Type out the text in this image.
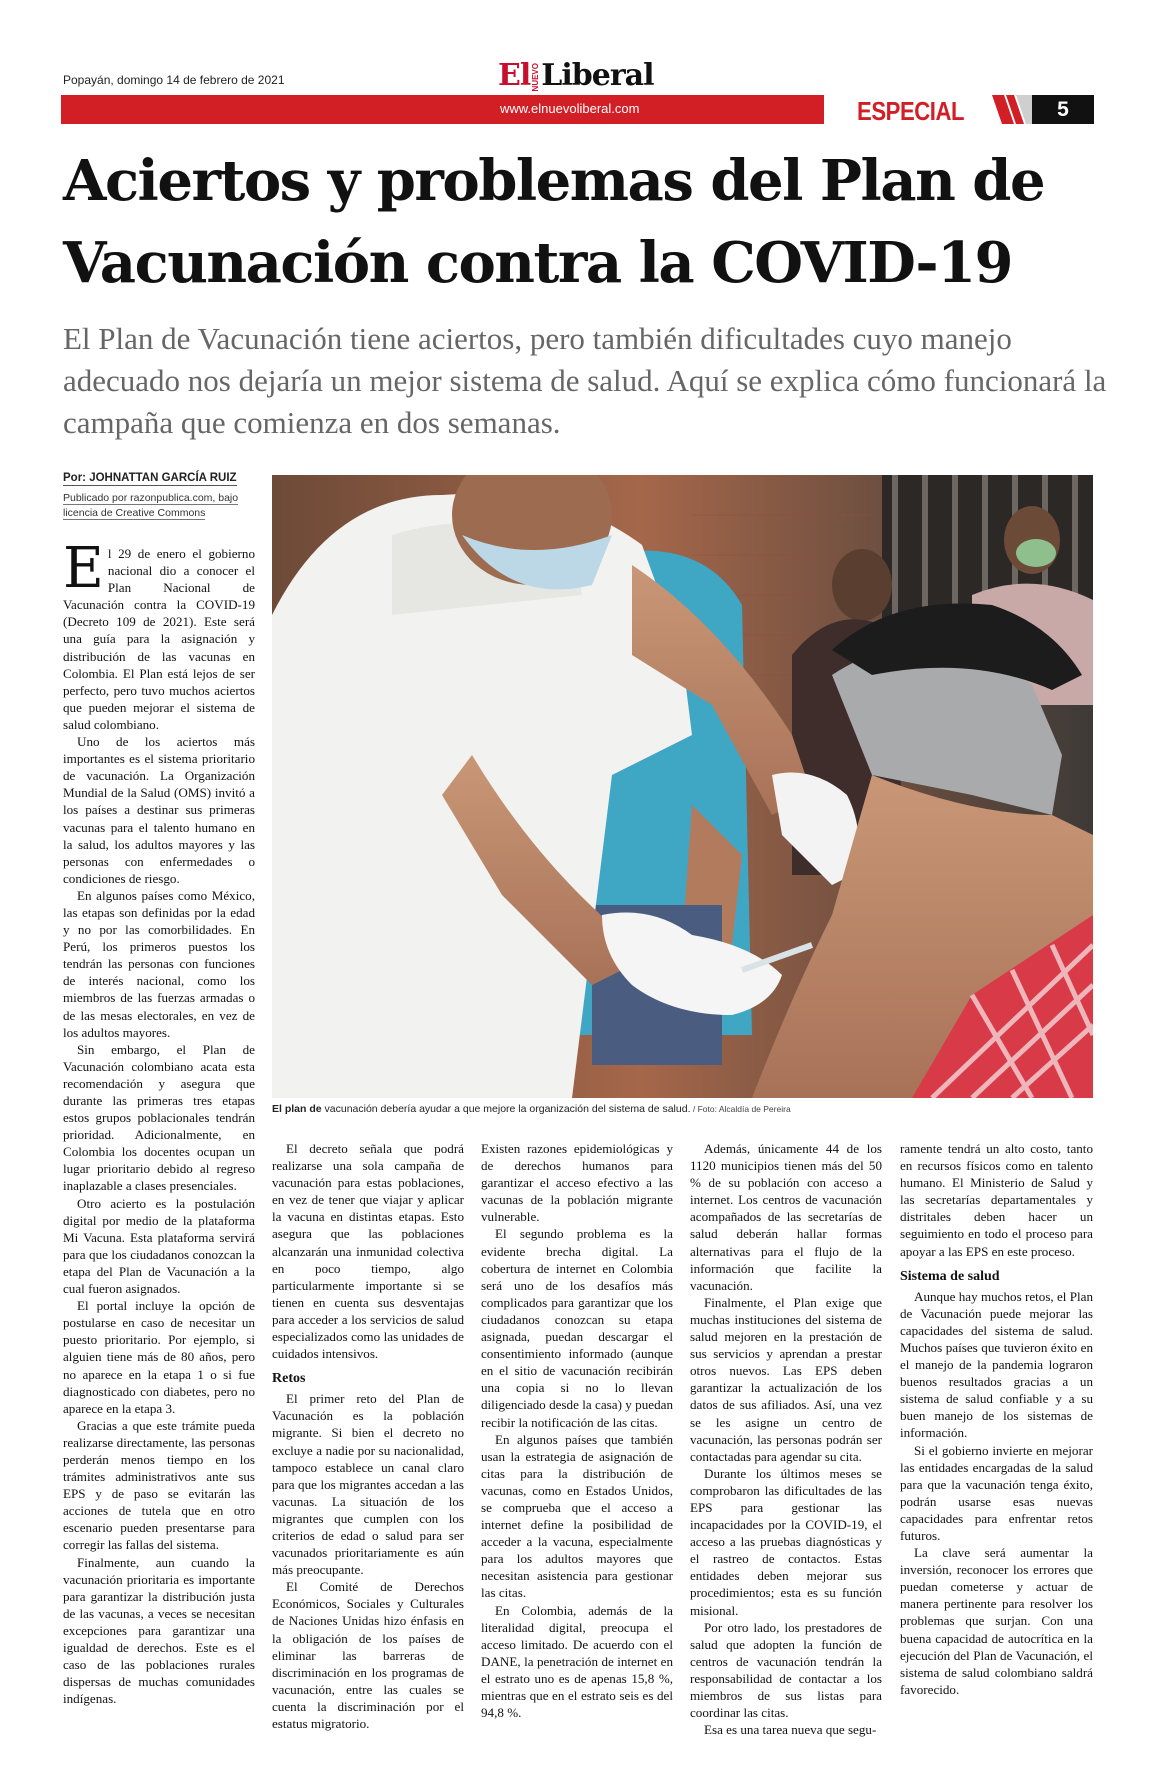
Popayán, domingo 14 de febrero de 2021	ElNUEVOLiberal
www.elnuevoliberal.com	ESPECIAL	5
Aciertos y problemas del Plan de Vacunación contra la COVID-19
El Plan de Vacunación tiene aciertos, pero también dificultades cuyo manejo adecuado nos dejaría un mejor sistema de salud. Aquí se explica cómo funcionará la campaña que comienza en dos semanas.
Por: JOHNATTAN GARCÍA RUIZ
Publicado por razonpublica.com, bajo licencia de Creative Commons

El 29 de enero el gobierno nacional dio a conocer el Plan Nacional de Vacunación contra la COVID-19 (Decreto 109 de 2021). Este será una guía para la asignación y distribución de las vacunas en Colombia. El Plan está lejos de ser perfecto, pero tuvo muchos aciertos que pueden mejorar el sistema de salud colombiano.

Uno de los aciertos más importantes es el sistema prioritario de vacunación. La Organización Mundial de la Salud (OMS) invitó a los países a destinar sus primeras vacunas para el talento humano en la salud, los adultos mayores y las personas con enfermedades o condiciones de riesgo.

En algunos países como México, las etapas son definidas por la edad y no por las comorbilidades. En Perú, los primeros puestos los tendrán las personas con funciones de interés nacional, como los miembros de las fuerzas armadas o de las mesas electorales, en vez de los adultos mayores.

Sin embargo, el Plan de Vacunación colombiano acata esta recomendación y asegura que durante las primeras tres etapas estos grupos poblacionales tendrán prioridad. Adicionalmente, en Colombia los docentes ocupan un lugar prioritario debido al regreso inaplazable a clases presenciales.

Otro acierto es la postulación digital por medio de la plataforma Mi Vacuna. Esta plataforma servirá para que los ciudadanos conozcan la etapa del Plan de Vacunación a la cual fueron asignados.

El portal incluye la opción de postularse en caso de necesitar un puesto prioritario. Por ejemplo, si alguien tiene más de 80 años, pero no aparece en la etapa 1 o si fue diagnosticado con diabetes, pero no aparece en la etapa 3.

Gracias a que este trámite pueda realizarse directamente, las personas perderán menos tiempo en los trámites administrativos ante sus EPS y de paso se evitarán las acciones de tutela que en otro escenario pueden presentarse para corregir las fallas del sistema.

Finalmente, aun cuando la vacunación prioritaria es importante para garantizar la distribución justa de las vacunas, a veces se necesitan excepciones para garantizar una igualdad de derechos. Este es el caso de las poblaciones rurales dispersas de muchas comunidades indígenas.

El plan de vacunación debería ayudar a que mejore la organización del sistema de salud. / Foto: Alcaldía de Pereira

El decreto señala que podrá realizarse una sola campaña de vacunación para estas poblaciones, en vez de tener que viajar y aplicar la vacuna en distintas etapas. Esto asegura que las poblaciones alcanzarán una inmunidad colectiva en poco tiempo, algo particularmente importante si se tienen en cuenta sus desventajas para acceder a los servicios de salud especializados como las unidades de cuidados intensivos.

Retos

El primer reto del Plan de Vacunación es la población migrante. Si bien el decreto no excluye a nadie por su nacionalidad, tampoco establece un canal claro para que los migrantes accedan a las vacunas. La situación de los migrantes que cumplen con los criterios de edad o salud para ser vacunados prioritariamente es aún más preocupante.

El Comité de Derechos Económicos, Sociales y Culturales de Naciones Unidas hizo énfasis en la obligación de los países de eliminar las barreras de discriminación en los programas de vacunación, entre las cuales se cuenta la discriminación por el estatus migratorio.

Existen razones epidemiológicas y de derechos humanos para garantizar el acceso efectivo a las vacunas de la población migrante vulnerable.

El segundo problema es la evidente brecha digital. La cobertura de internet en Colombia será uno de los desafíos más complicados para garantizar que los ciudadanos conozcan su etapa asignada, puedan descargar el consentimiento informado (aunque en el sitio de vacunación recibirán una copia si no lo llevan diligenciado desde la casa) y puedan recibir la notificación de las citas.

En algunos países que también usan la estrategia de asignación de citas para la distribución de vacunas, como en Estados Unidos, se comprueba que el acceso a internet define la posibilidad de acceder a la vacuna, especialmente para los adultos mayores que necesitan asistencia para gestionar las citas.

En Colombia, además de la literalidad digital, preocupa el acceso limitado. De acuerdo con el DANE, la penetración de internet en el estrato uno es de apenas 15,8 %, mientras que en el estrato seis es del 94,8 %.

Además, únicamente 44 de los 1120 municipios tienen más del 50 % de su población con acceso a internet. Los centros de vacunación acompañados de las secretarías de salud deberán hallar formas alternativas para el flujo de la información que facilite la vacunación.

Finalmente, el Plan exige que muchas instituciones del sistema de salud mejoren en la prestación de sus servicios y aprendan a prestar otros nuevos. Las EPS deben garantizar la actualización de los datos de sus afiliados. Así, una vez se les asigne un centro de vacunación, las personas podrán ser contactadas para agendar su cita.

Durante los últimos meses se comprobaron las dificultades de las EPS para gestionar las incapacidades por la COVID-19, el acceso a las pruebas diagnósticas y el rastreo de contactos. Estas entidades deben mejorar sus procedimientos; esta es su función misional.

Por otro lado, los prestadores de salud que adopten la función de centros de vacunación tendrán la responsabilidad de contactar a los miembros de sus listas para coordinar las citas.

Esa es una tarea nueva que segu-

ramente tendrá un alto costo, tanto en recursos físicos como en talento humano. El Ministerio de Salud y las secretarías departamentales y distritales deben hacer un seguimiento en todo el proceso para apoyar a las EPS en este proceso.

Sistema de salud

Aunque hay muchos retos, el Plan de Vacunación puede mejorar las capacidades del sistema de salud. Muchos países que tuvieron éxito en el manejo de la pandemia lograron buenos resultados gracias a un sistema de salud confiable y a su buen manejo de los sistemas de información.

Si el gobierno invierte en mejorar las entidades encargadas de la salud para que la vacunación tenga éxito, podrán usarse esas nuevas capacidades para enfrentar retos futuros.

La clave será aumentar la inversión, reconocer los errores que puedan cometerse y actuar de manera pertinente para resolver los problemas que surjan. Con una buena capacidad de autocrítica en la ejecución del Plan de Vacunación, el sistema de salud colombiano saldrá favorecido.
